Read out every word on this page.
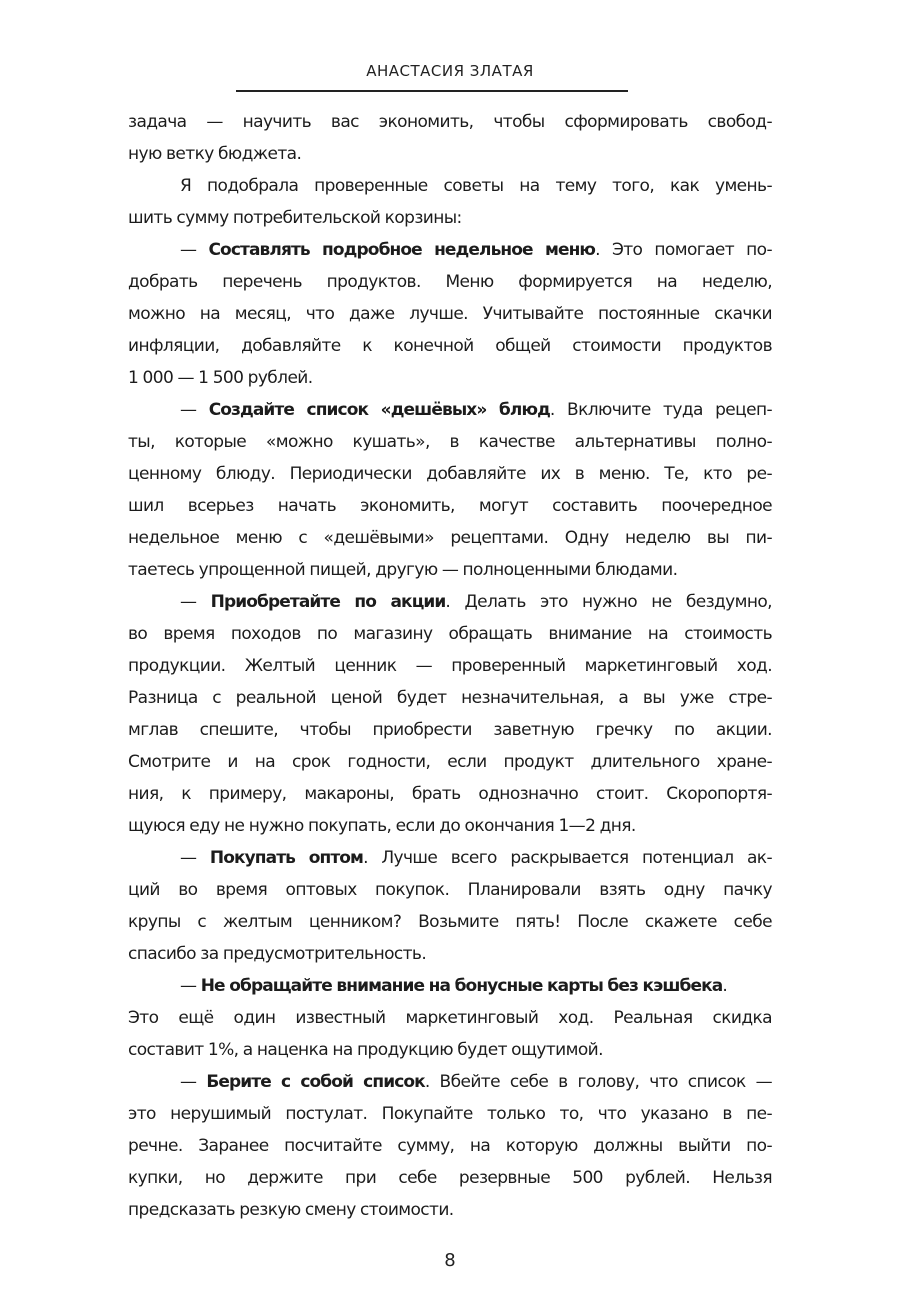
АНАСТАСИЯ ЗЛАТАЯ
задача — научить вас экономить, чтобы сформировать свобод-
ную ветку бюджета.
Я подобрала проверенные советы на тему того, как умень-
шить сумму потребительской корзины:
— Составлять подробное недельное меню. Это помогает по-
добрать перечень продуктов. Меню формируется на неделю,
можно на месяц, что даже лучше. Учитывайте постоянные скачки
инфляции, добавляйте к конечной общей стоимости продуктов
1 000 — 1 500 рублей.
— Создайте список «дешёвых» блюд. Включите туда рецеп-
ты, которые «можно кушать», в качестве альтернативы полно-
ценному блюду. Периодически добавляйте их в меню. Те, кто ре-
шил всерьез начать экономить, могут составить поочередное
недельное меню с «дешёвыми» рецептами. Одну неделю вы пи-
таетесь упрощенной пищей, другую — полноценными блюдами.
— Приобретайте по акции. Делать это нужно не бездумно,
во время походов по магазину обращать внимание на стоимость
продукции. Желтый ценник — проверенный маркетинговый ход.
Разница с реальной ценой будет незначительная, а вы уже стре-
мглав спешите, чтобы приобрести заветную гречку по акции.
Смотрите и на срок годности, если продукт длительного хране-
ния, к примеру, макароны, брать однозначно стоит. Скоропортя-
щуюся еду не нужно покупать, если до окончания 1—2 дня.
— Покупать оптом. Лучше всего раскрывается потенциал ак-
ций во время оптовых покупок. Планировали взять одну пачку
крупы с желтым ценником? Возьмите пять! После скажете себе
спасибо за предусмотрительность.
— Не обращайте внимание на бонусные карты без кэшбека.
Это ещё один известный маркетинговый ход. Реальная скидка
составит 1%, а наценка на продукцию будет ощутимой.
— Берите с собой список. Вбейте себе в голову, что список —
это нерушимый постулат. Покупайте только то, что указано в пе-
речне. Заранее посчитайте сумму, на которую должны выйти по-
купки, но держите при себе резервные 500 рублей. Нельзя
предсказать резкую смену стоимости.
8
